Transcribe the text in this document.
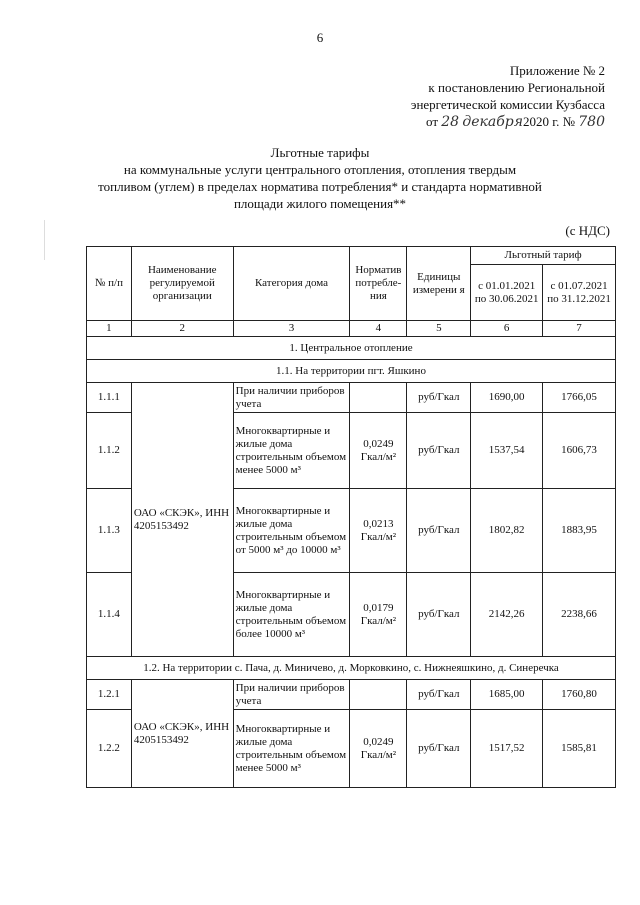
6
Приложение № 2
к постановлению Региональной
энергетической комиссии Кузбасса
от 28 декабря2020 г. № 780
Льготные тарифы
на коммунальные услуги центрального отопления, отопления твердым
топливом (углем) в пределах норматива потребления* и стандарта нормативной
площади жилого помещения**
(с НДС)
№ п/п	Наименование регулируемой организации	Категория дома	Норматив потребле-ния	Единицы измерени я	Льготный тариф	
					с 01.01.2021 по 30.06.2021	с 01.07.2021 по 31.12.2021
1	2	3	4	5	6	7
1. Центральное отопление						
1.1. На территории пгт. Яшкино						
1.1.1	ОАО «СКЭК», ИНН 4205153492	При наличии приборов учета		руб/Гкал	1690,00	1766,05
1.1.2		Многоквартирные и жилые дома строительным объемом менее 5000 м³	0,0249 Гкал/м²	руб/Гкал	1537,54	1606,73
1.1.3		Многоквартирные и жилые дома строительным объемом от 5000 м³ до 10000 м³	0,0213 Гкал/м²	руб/Гкал	1802,82	1883,95
1.1.4		Многоквартирные и жилые дома строительным объемом более 10000 м³	0,0179 Гкал/м²	руб/Гкал	2142,26	2238,66
1.2. На территории с. Пача, д. Миничево, д. Морковкино, с. Нижнеяшкино, д. Синеречка						
1.2.1	ОАО «СКЭК», ИНН 4205153492	При наличии приборов учета		руб/Гкал	1685,00	1760,80
1.2.2		Многоквартирные и жилые дома строительным объемом менее 5000 м³	0,0249 Гкал/м²	руб/Гкал	1517,52	1585,81
